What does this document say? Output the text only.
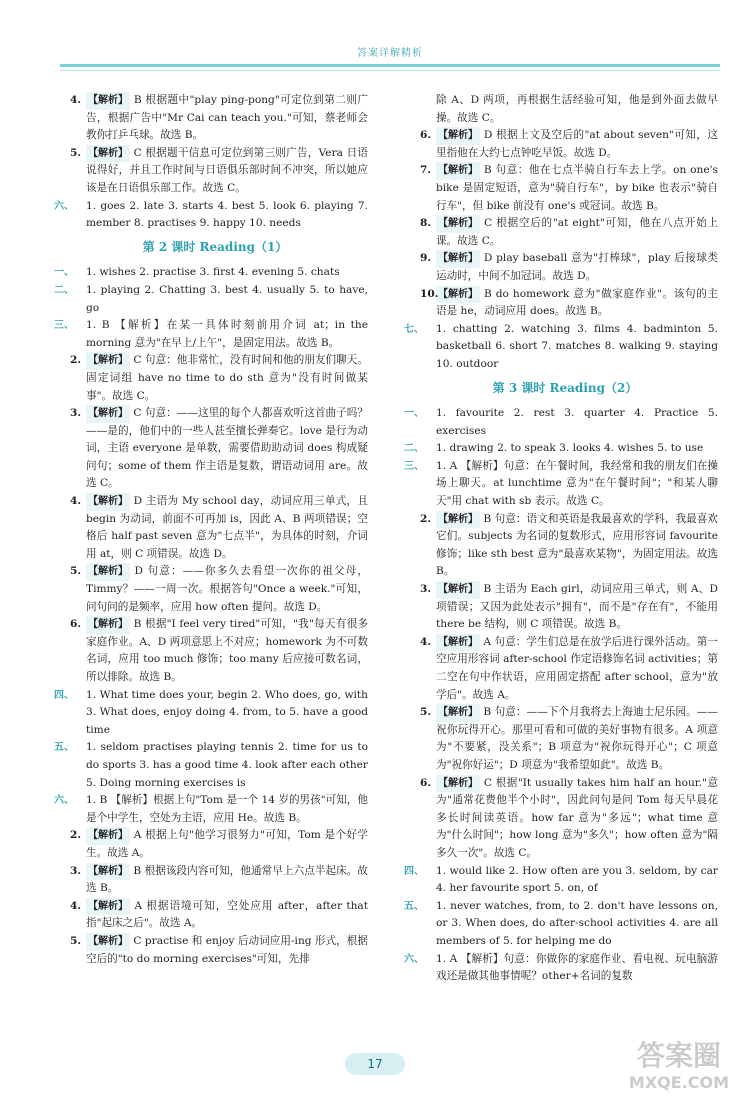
答案详解精析

4. 【解析】 B 根据题中"play ping-pong"可定位到第二则广告，根据广告中"Mr Cai can teach you."可知，蔡老师会教你打乒乓球。故选 B。

5. 【解析】 C 根据题干信息可定位到第三则广告，Vera 日语说得好，并且工作时间与日语俱乐部时间不冲突，所以她应该是在日语俱乐部工作。故选 C。

六、 1. goes 2. late 3. starts 4. best 5. look 6. playing 7. member 8. practises 9. happy 10. needs

第 2 课时 Reading（1）

一、 1. wishes 2. practise 3. first 4. evening 5. chats

二、 1. playing 2. Chatting 3. best 4. usually 5. to have, go

三、 1. B 【解析】在某一具体时刻前用介词 at；in the morning 意为"在早上/上午"，是固定用法。故选 B。

2. 【解析】 C 句意：他非常忙，没有时间和他的朋友们聊天。固定词组 have no time to do sth 意为"没有时间做某事"。故选 C。

3. 【解析】 C 句意：——这里的每个人都喜欢听这首曲子吗？——是的，他们中的一些人甚至擅长弹奏它。love 是行为动词，主语 everyone 是单数，需要借助助动词 does 构成疑问句；some of them 作主语是复数，谓语动词用 are。故选 C。

4. 【解析】 D 主语为 My school day，动词应用三单式，且 begin 为动词，前面不可再加 is，因此 A、B 两项错误；空格后 half past seven 意为"七点半"，为具体的时刻，介词用 at，则 C 项错误。故选 D。

5. 【解析】 D 句意：——你多久去看望一次你的祖父母，Timmy？——一周一次。根据答句"Once a week."可知，问句问的是频率，应用 how often 提问。故选 D。

6. 【解析】 B 根据"I feel very tired"可知，"我"每天有很多家庭作业。A、D 两项意思上不对应；homework 为不可数名词，应用 too much 修饰；too many 后应接可数名词，所以排除。故选 B。

四、 1. What time does your, begin 2. Who does, go, with 3. What does, enjoy doing 4. from, to 5. have a good time

五、 1. seldom practises playing tennis 2. time for us to do sports 3. has a good time 4. look after each other 5. Doing morning exercises is

六、 1. B 【解析】根据上句"Tom 是一个 14 岁的男孩"可知，他是个中学生，空处为主语，应用 He。故选 B。

2. 【解析】 A 根据上句"他学习很努力"可知，Tom 是个好学生。故选 A。

3. 【解析】 B 根据该段内容可知，他通常早上六点半起床。故选 B。

4. 【解析】 A 根据语境可知，空处应用 after，after that 指"起床之后"。故选 A。

5. 【解析】 C practise 和 enjoy 后动词应用-ing 形式，根据空后的"to do morning exercises"可知，先排

除 A、D 两项，再根据生活经验可知，他是到外面去做早操。故选 C。

6. 【解析】 D 根据上文及空后的"at about seven"可知，这里指他在大约七点钟吃早饭。故选 D。

7. 【解析】 B 句意：他在七点半骑自行车去上学。on one's bike 是固定短语，意为"骑自行车"，by bike 也表示"骑自行车"，但 bike 前没有 one's 或冠词。故选 B。

8. 【解析】 C 根据空后的"at eight"可知，他在八点开始上课。故选 C。

9. 【解析】 D play baseball 意为"打棒球"，play 后接球类运动时，中间不加冠词。故选 D。

10. 【解析】 B do homework 意为"做家庭作业"。该句的主语是 he，动词应用 does。故选 B。

七、 1. chatting 2. watching 3. films 4. badminton 5. basketball 6. short 7. matches 8. walking 9. staying 10. outdoor

第 3 课时 Reading（2）

一、 1. favourite 2. rest 3. quarter 4. Practice 5. exercises

二、 1. drawing 2. to speak 3. looks 4. wishes 5. to use

三、 1. A 【解析】句意：在午餐时间，我经常和我的朋友们在操场上聊天。at lunchtime 意为"在午餐时间"；"和某人聊天"用 chat with sb 表示。故选 C。

2. 【解析】 B 句意：语文和英语是我最喜欢的学科，我最喜欢它们。subjects 为名词的复数形式，应用形容词 favourite 修饰；like sth best 意为"最喜欢某物"，为固定用法。故选 B。

3. 【解析】 B 主语为 Each girl，动词应用三单式，则 A、D 项错误；又因为此处表示"拥有"，而不是"存在有"，不能用 there be 结构，则 C 项错误。故选 B。

4. 【解析】 A 句意：学生们总是在放学后进行课外活动。第一空应用形容词 after-school 作定语修饰名词 activities；第二空在句中作状语，应用固定搭配 after school，意为"放学后"。故选 A。

5. 【解析】 B 句意：——下个月我将去上海迪士尼乐园。——祝你玩得开心。那里可看和可做的美好事物有很多。A 项意为"不要紧，没关系"；B 项意为"祝你玩得开心"；C 项意为"祝你好运"；D 项意为"我希望如此"。故选 B。

6. 【解析】 C 根据"It usually takes him half an hour."意为"通常花费他半个小时"，因此问句是问 Tom 每天早晨花多长时间读英语。how far 意为"多远"；what time 意为"什么时间"；how long 意为"多久"；how often 意为"隔多久一次"。故选 C。

四、 1. would like 2. How often are you 3. seldom, by car 4. her favourite sport 5. on, of

五、 1. never watches, from, to 2. don't have lessons on, or 3. When does, do after-school activities 4. are all members of 5. for helping me do

六、 1. A 【解析】句意：你做你的家庭作业、看电视、玩电脑游戏还是做其他事情呢？other+名词的复数

17	答案圈
MXQE.COM
